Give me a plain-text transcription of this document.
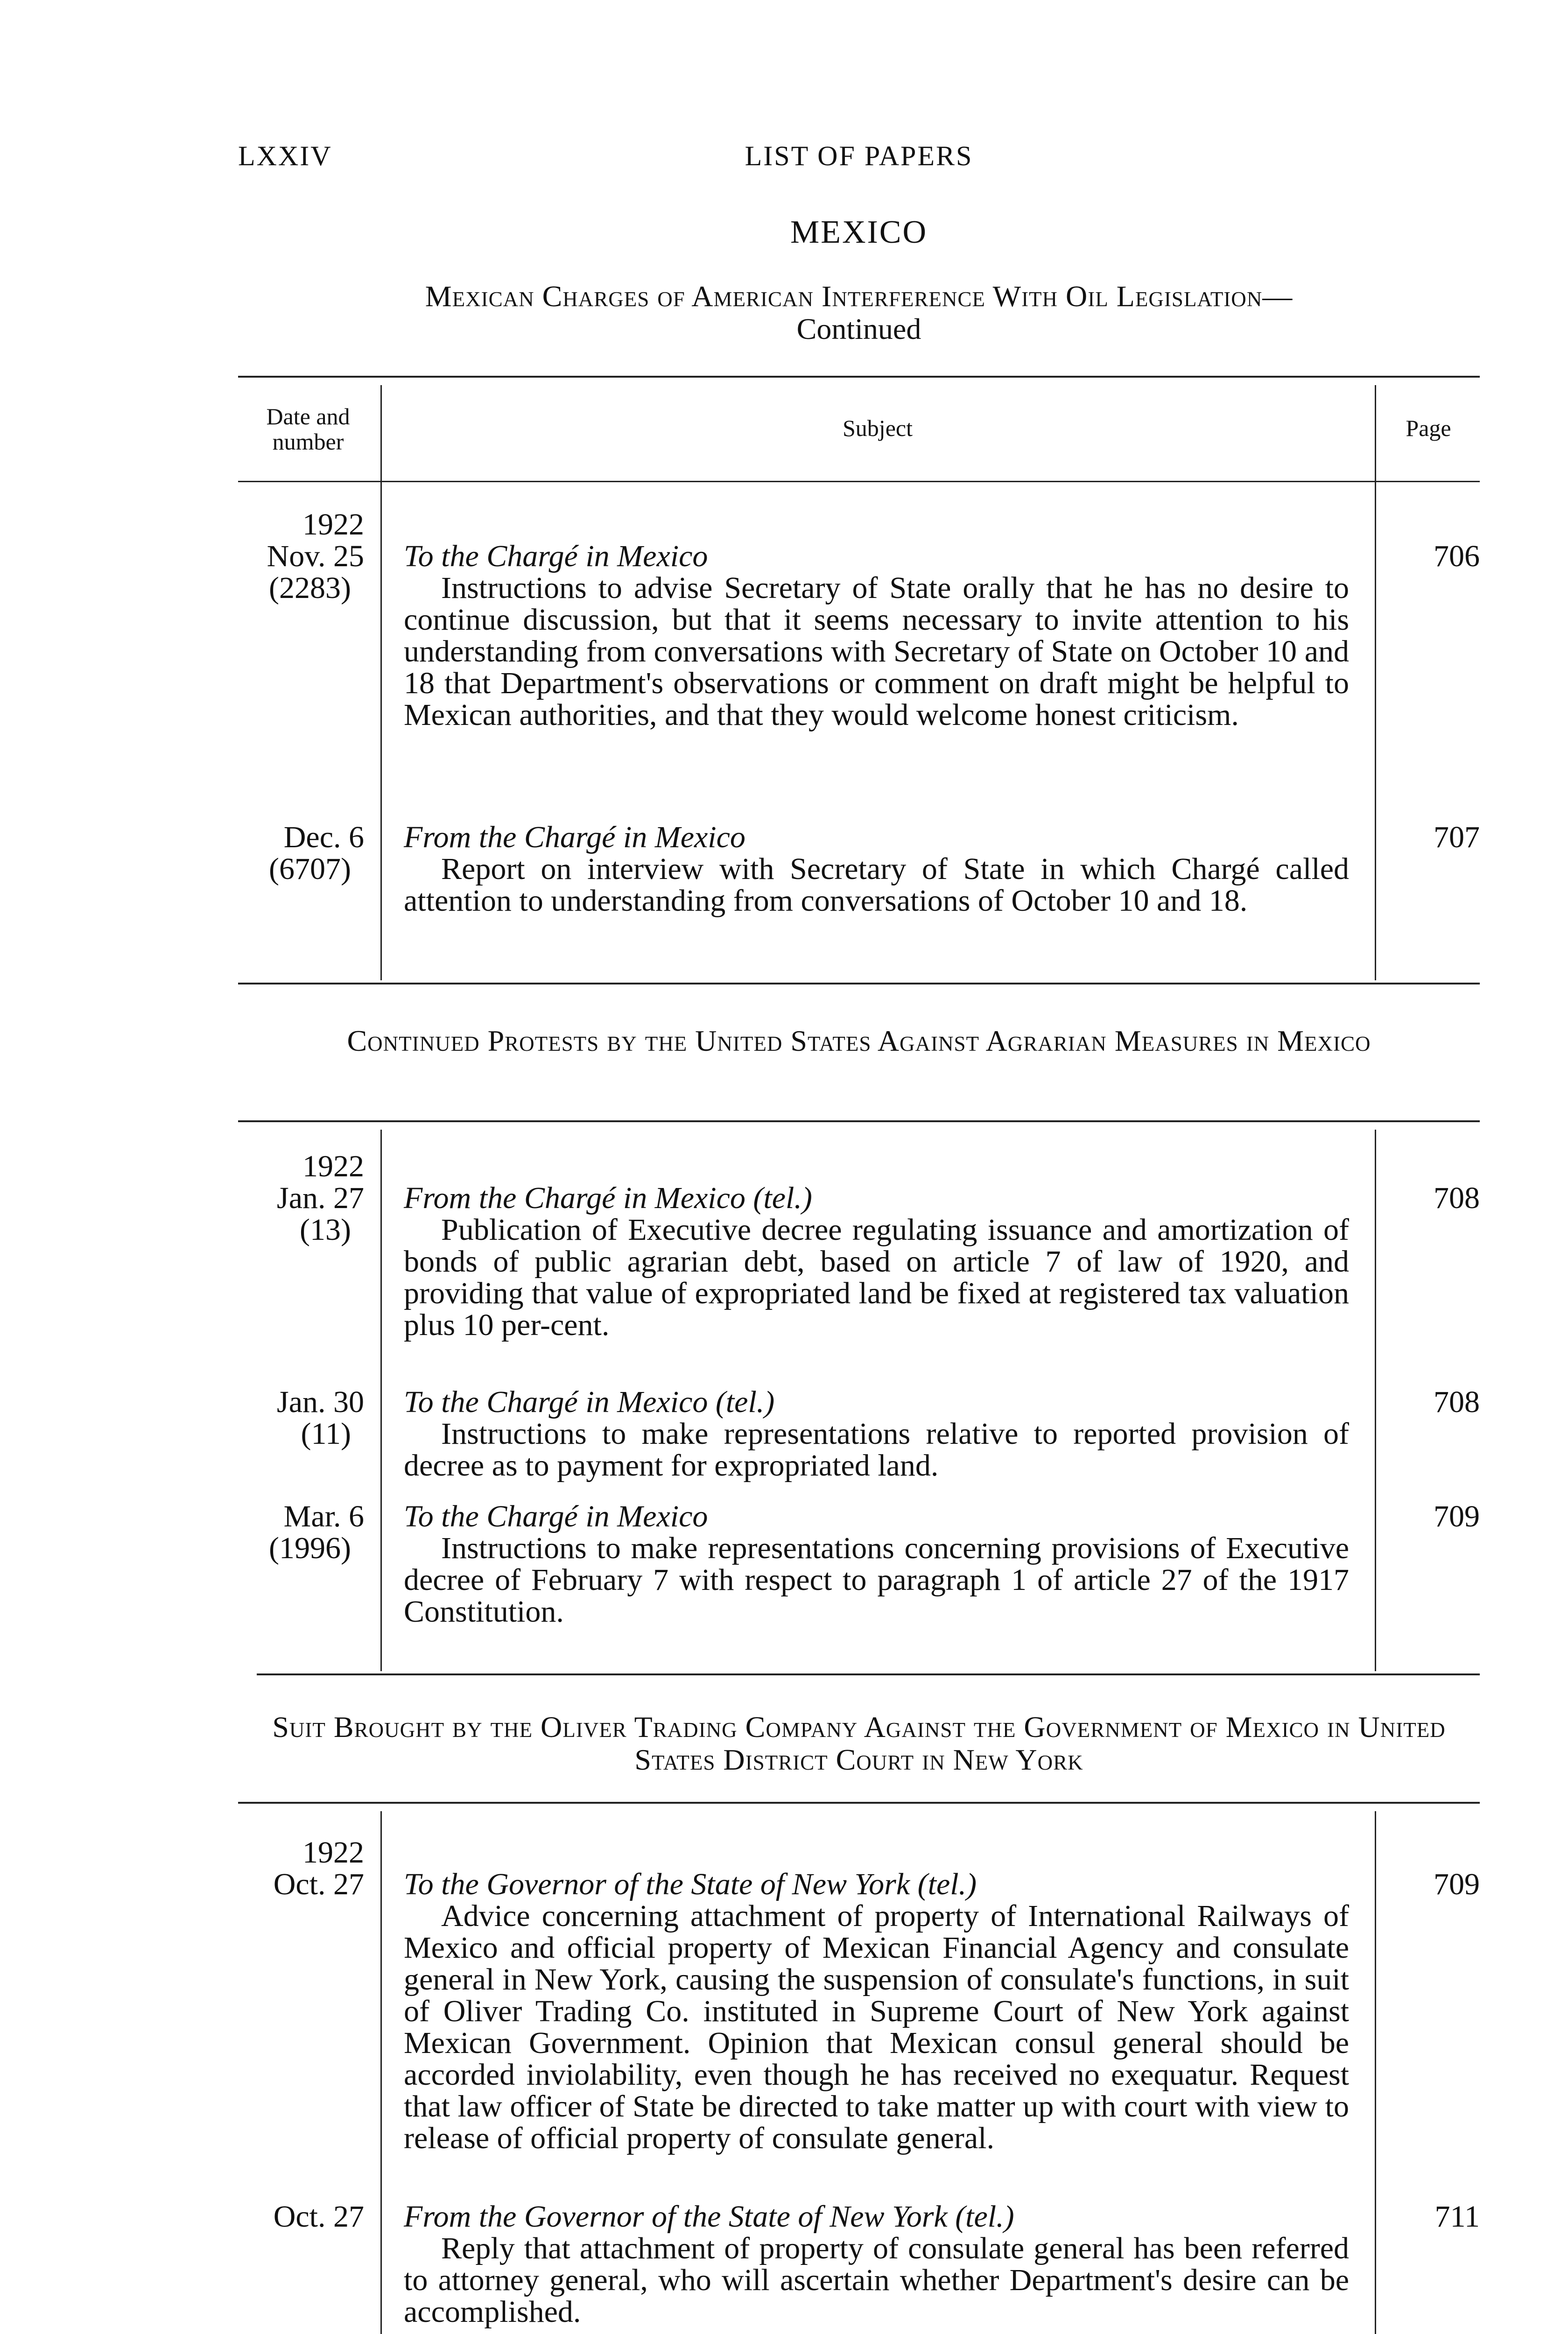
LXXIV	LIST OF PAPERS
MEXICO
Mexican Charges of American Interference With Oil Legislation—
Continued
Date and number
Subject	Page
1922
Nov. 25
(2283)
To the Chargé in Mexico
Instructions to advise Secretary of State orally that he has no desire to continue discussion, but that it seems necessary to invite attention to his understanding from conversations with Secretary of State on October 10 and 18 that Department's observations or comment on draft might be helpful to Mexican authorities, and that they would welcome honest criticism.
706
Dec. 6
(6707)
From the Chargé in Mexico
Report on interview with Secretary of State in which Chargé called attention to understanding from conversations of October 10 and 18.
707
Continued Protests by the United States Against Agrarian Measures in Mexico
1922
Jan. 27
(13)
From the Chargé in Mexico (tel.)
Publication of Executive decree regulating issuance and amortization of bonds of public agrarian debt, based on article 7 of law of 1920, and providing that value of expropriated land be fixed at registered tax valuation plus 10 per-cent.
708
Jan. 30
(11)
To the Chargé in Mexico (tel.)
Instructions to make representations relative to reported provision of decree as to payment for expropriated land.
708
Mar. 6
(1996)
To the Chargé in Mexico
Instructions to make representations concerning provisions of Executive decree of February 7 with respect to paragraph 1 of article 27 of the 1917 Constitution.
709
Suit Brought by the Oliver Trading Company Against the Government of Mexico in United States District Court in New York
1922
Oct. 27 To the Governor of the State of New York (tel.)
Advice concerning attachment of property of International Railways of Mexico and official property of Mexican Financial Agency and consulate general in New York, causing the suspension of consulate's functions, in suit of Oliver Trading Co. instituted in Supreme Court of New York against Mexican Government. Opinion that Mexican consul general should be accorded inviolability, even though he has received no exequatur. Request that law officer of State be directed to take matter up with court with view to release of official property of consulate general.
709
Oct. 27 From the Governor of the State of New York (tel.)
Reply that attachment of property of consulate general has been referred to attorney general, who will ascertain whether Department's desire can be accomplished.
711
